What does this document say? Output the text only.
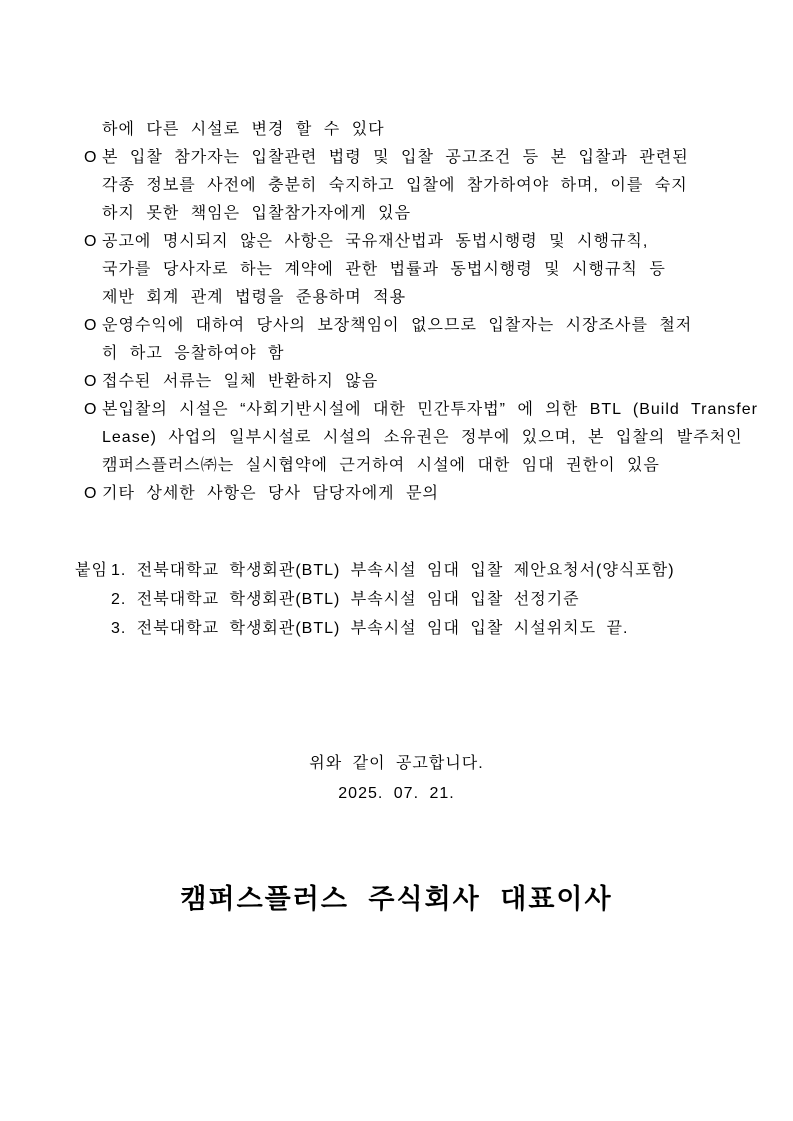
하에 다른 시설로 변경 할 수 있다
O 본 입찰 참가자는 입찰관련 법령 및 입찰 공고조건 등 본 입찰과 관련된
각종 정보를 사전에 충분히 숙지하고 입찰에 참가하여야 하며, 이를 숙지
하지 못한 책임은 입찰참가자에게 있음
O 공고에 명시되지 않은 사항은 국유재산법과 동법시행령 및 시행규칙,
국가를 당사자로 하는 계약에 관한 법률과 동법시행령 및 시행규칙 등
제반 회계 관계 법령을 준용하며 적용
O 운영수익에 대하여 당사의 보장책임이 없으므로 입찰자는 시장조사를 철저
히 하고 응찰하여야 함
O 접수된 서류는 일체 반환하지 않음
O 본입찰의 시설은 “사회기반시설에 대한 민간투자법” 에 의한 BTL (Build Transfer
Lease) 사업의 일부시설로 시설의 소유권은 정부에 있으며, 본 입찰의 발주처인
캠퍼스플러스㈜는 실시협약에 근거하여 시설에 대한 임대 권한이 있음
O 기타 상세한 사항은 당사 담당자에게 문의
붙임 1. 전북대학교 학생회관(BTL) 부속시설 임대 입찰 제안요청서(양식포함)
2. 전북대학교 학생회관(BTL) 부속시설 임대 입찰 선정기준
3. 전북대학교 학생회관(BTL) 부속시설 임대 입찰 시설위치도 끝.
위와 같이 공고합니다.
2025. 07. 21.
캠퍼스플러스 주식회사 대표이사
